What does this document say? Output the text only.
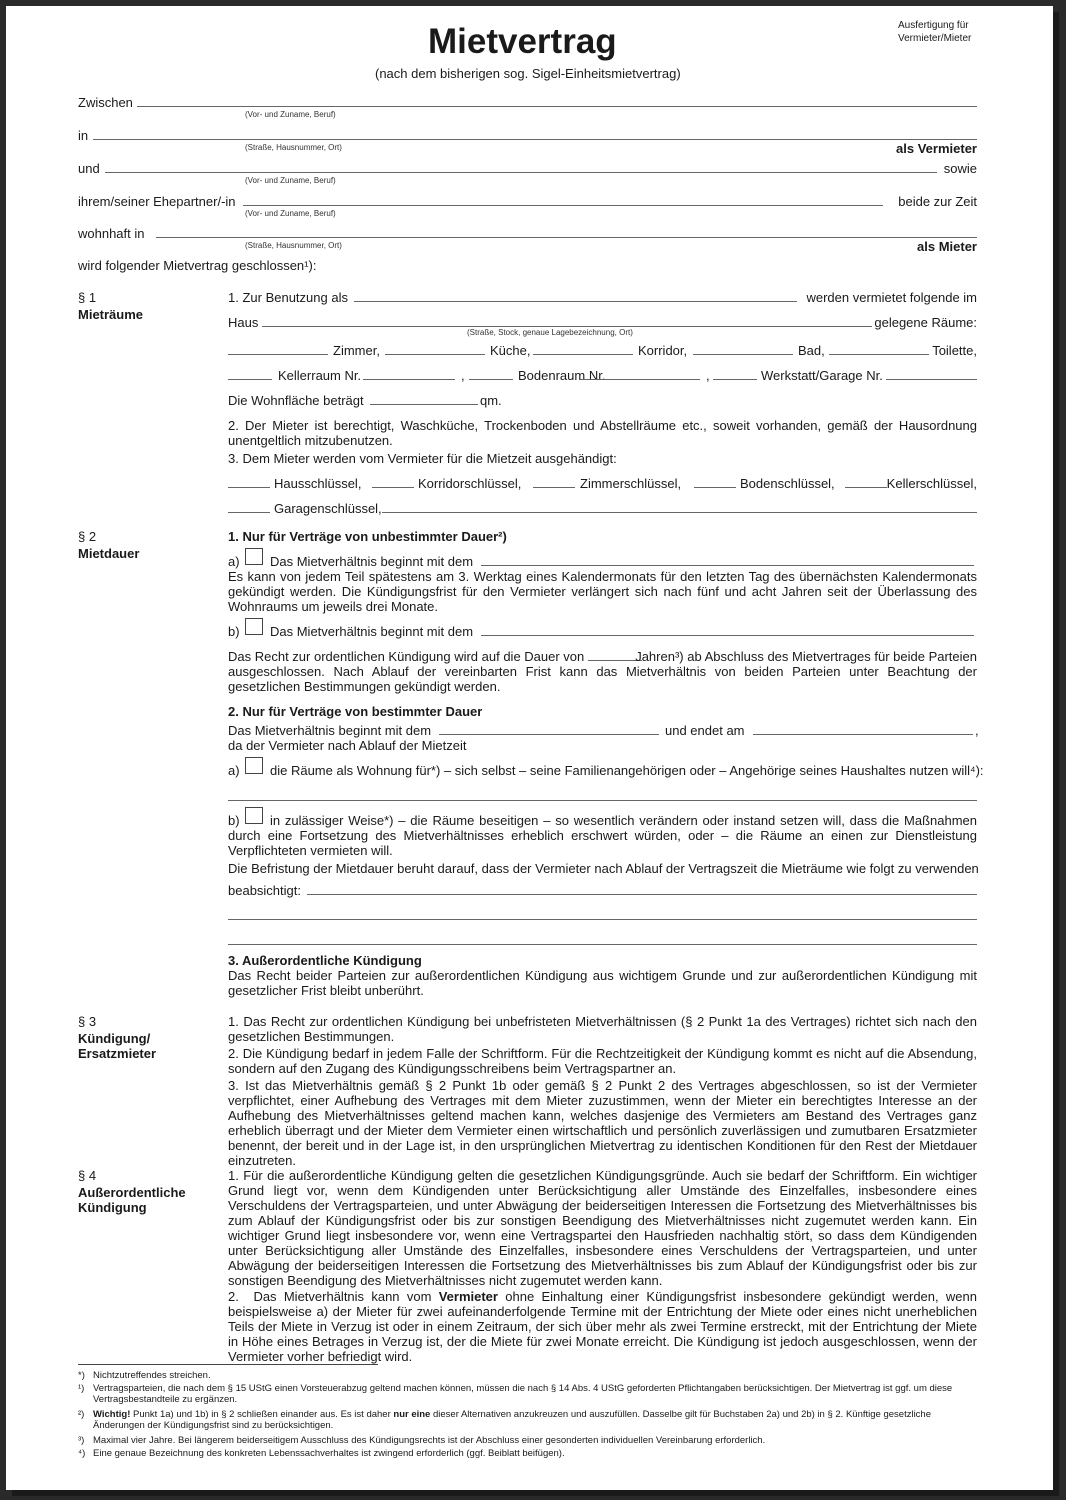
Mietvertrag
(nach dem bisherigen sog. Sigel-Einheitsmietvertrag)
Ausfertigung für Vermieter/Mieter
Zwischen
(Vor- und Zuname, Beruf)
in
(Straße, Hausnummer, Ort)	als Vermieter
und	sowie
(Vor- und Zuname, Beruf)
ihrem/seiner Ehepartner/-in	beide zur Zeit
(Vor- und Zuname, Beruf)
wohnhaft in
(Straße, Hausnummer, Ort)	als Mieter
wird folgender Mietvertrag geschlossen¹):
§ 1
Mieträume
1. Zur Benutzung als	werden vermietet folgende im
Haus	gelegene Räume:
(Straße, Stock, genaue Lagebezeichnung, Ort)
Zimmer,	Küche,	Korridor,	Bad,	Toilette,
Kellerraum Nr.	,	Bodenraum Nr.	,	Werkstatt/Garage Nr.
Die Wohnfläche beträgt	qm.
2. Der Mieter ist berechtigt, Waschküche, Trockenboden und Abstellräume etc., soweit vorhanden, gemäß der Hausordnung unentgeltlich mitzubenutzen.
3. Dem Mieter werden vom Vermieter für die Mietzeit ausgehändigt:
Hausschlüssel,	Korridorschlüssel,	Zimmerschlüssel,	Bodenschlüssel,	Kellerschlüssel,
Garagenschlüssel,
§ 2
Mietdauer
1. Nur für Verträge von unbestimmter Dauer²)
a) Das Mietverhältnis beginnt mit dem
Es kann von jedem Teil spätestens am 3. Werktag eines Kalendermonats für den letzten Tag des übernächsten Kalendermonats gekündigt werden. Die Kündigungsfrist für den Vermieter verlängert sich nach fünf und acht Jahren seit der Überlassung des Wohnraums um jeweils drei Monate.
b) Das Mietverhältnis beginnt mit dem
Das Recht zur ordentlichen Kündigung wird auf die Dauer von	Jahren³) ab Abschluss des Mietvertrages für beide Parteien
ausgeschlossen. Nach Ablauf der vereinbarten Frist kann das Mietverhältnis von beiden Parteien unter Beachtung der gesetzlichen Bestimmungen gekündigt werden.
2. Nur für Verträge von bestimmter Dauer
Das Mietverhältnis beginnt mit dem	und endet am	,
da der Vermieter nach Ablauf der Mietzeit
a) die Räume als Wohnung für*) – sich selbst – seine Familienangehörigen oder – Angehörige seines Haushaltes nutzen will⁴):
b) in zulässiger Weise*) – die Räume beseitigen – so wesentlich verändern oder instand setzen will, dass die Maßnahmen durch eine Fortsetzung des Mietverhältnisses erheblich erschwert würden, oder – die Räume an einen zur Dienstleistung Verpflichteten vermieten will.
Die Befristung der Mietdauer beruht darauf, dass der Vermieter nach Ablauf der Vertragszeit die Mieträume wie folgt zu verwenden
beabsichtigt:
3. Außerordentliche Kündigung
Das Recht beider Parteien zur außerordentlichen Kündigung aus wichtigem Grunde und zur außerordentlichen Kündigung mit gesetzlicher Frist bleibt unberührt.
§ 3
Kündigung/
Ersatzmieter
1. Das Recht zur ordentlichen Kündigung bei unbefristeten Mietverhältnissen (§ 2 Punkt 1a des Vertrages) richtet sich nach den gesetzlichen Bestimmungen.
2. Die Kündigung bedarf in jedem Falle der Schriftform. Für die Rechtzeitigkeit der Kündigung kommt es nicht auf die Absendung, sondern auf den Zugang des Kündigungsschreibens beim Vertragspartner an.
3. Ist das Mietverhältnis gemäß § 2 Punkt 1b oder gemäß § 2 Punkt 2 des Vertrages abgeschlossen, so ist der Vermieter verpflichtet, einer Aufhebung des Vertrages mit dem Mieter zuzustimmen, wenn der Mieter ein berechtigtes Interesse an der Aufhebung des Mietverhältnisses geltend machen kann, welches dasjenige des Vermieters am Bestand des Vertrages ganz erheblich überragt und der Mieter dem Vermieter einen wirtschaftlich und persönlich zuverlässigen und zumutbaren Ersatzmieter benennt, der bereit und in der Lage ist, in den ursprünglichen Mietvertrag zu identischen Konditionen für den Rest der Mietdauer einzutreten.
§ 4
Außerordentliche
Kündigung
1. Für die außerordentliche Kündigung gelten die gesetzlichen Kündigungsgründe. Auch sie bedarf der Schriftform. Ein wichtiger Grund liegt vor, wenn dem Kündigenden unter Berücksichtigung aller Umstände des Einzelfalles, insbesondere eines Verschuldens der Vertragsparteien, und unter Abwägung der beiderseitigen Interessen die Fortsetzung des Mietverhältnisses bis zum Ablauf der Kündigungsfrist oder bis zur sonstigen Beendigung des Mietverhältnisses nicht zugemutet werden kann. Ein wichtiger Grund liegt insbesondere vor, wenn eine Vertragspartei den Hausfrieden nachhaltig stört, so dass dem Kündigenden unter Berücksichtigung aller Umstände des Einzelfalles, insbesondere eines Verschuldens der Vertragsparteien, und unter Abwägung der beiderseitigen Interessen die Fortsetzung des Mietverhältnisses bis zum Ablauf der Kündigungsfrist oder bis zur sonstigen Beendigung des Mietverhältnisses nicht zugemutet werden kann.
2.  Das Mietverhältnis kann vom Vermieter ohne Einhaltung einer Kündigungsfrist insbesondere gekündigt werden, wenn beispielsweise a) der Mieter für zwei aufeinanderfolgende Termine mit der Entrichtung der Miete oder eines nicht unerheblichen Teils der Miete in Verzug ist oder in einem Zeitraum, der sich über mehr als zwei Termine erstreckt, mit der Entrichtung der Miete in Höhe eines Betrages in Verzug ist, der die Miete für zwei Monate erreicht. Die Kündigung ist jedoch ausgeschlossen, wenn der Vermieter vorher befriedigt wird.
*) Nichtzutreffendes streichen.
¹) Vertragsparteien, die nach dem § 15 UStG einen Vorsteuerabzug geltend machen können, müssen die nach § 14 Abs. 4 UStG geforderten Pflichtangaben berücksichtigen. Der Mietvertrag ist ggf. um diese Vertragsbestandteile zu ergänzen.
²) Wichtig! Punkt 1a) und 1b) in § 2 schließen einander aus. Es ist daher nur eine dieser Alternativen anzukreuzen und auszufüllen. Dasselbe gilt für Buchstaben 2a) und 2b) in § 2. Künftige gesetzliche Änderungen der Kündigungsfrist sind zu berücksichtigen.
³) Maximal vier Jahre. Bei längerem beiderseitigem Ausschluss des Kündigungsrechts ist der Abschluss einer gesonderten individuellen Vereinbarung erforderlich.
⁴) Eine genaue Bezeichnung des konkreten Lebenssachverhaltes ist zwingend erforderlich (ggf. Beiblatt beifügen).
